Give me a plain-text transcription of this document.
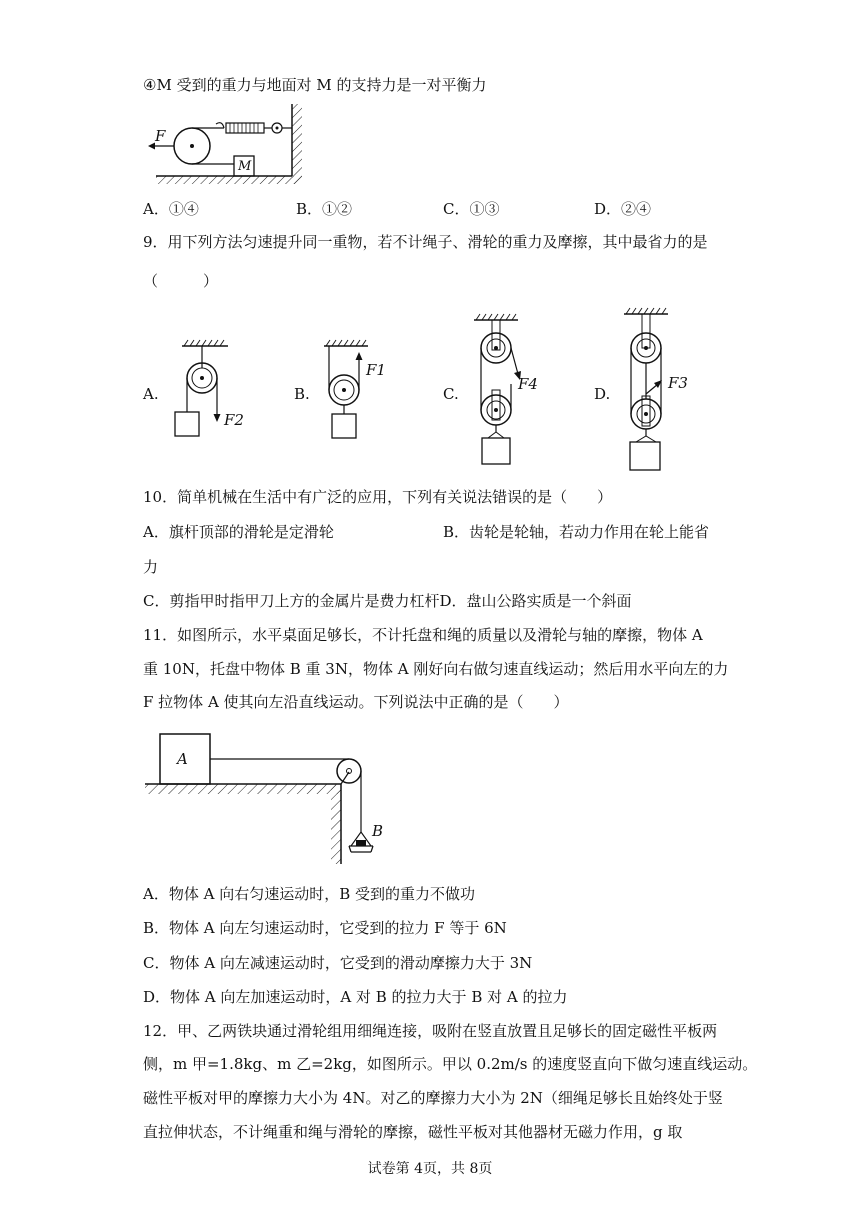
④M 受到的重力与地面对 M 的支持力是一对平衡力
F
M
A．①④	B．①②	C．①③	D．②④
9．用下列方法匀速提升同一重物，若不计绳子、滑轮的重力及摩擦，其中最省力的是
（　　　）
A.	B.	C.	D.
F2
F1
F4	F3
10．简单机械在生活中有广泛的应用，下列有关说法错误的是（　　）
A．旗杆顶部的滑轮是定滑轮	B．齿轮是轮轴，若动力作用在轮上能省
力
C．剪指甲时指甲刀上方的金属片是费力杠杆D．盘山公路实质是一个斜面
11．如图所示，水平桌面足够长，不计托盘和绳的质量以及滑轮与轴的摩擦，物体 A
重 10N，托盘中物体 B 重 3N，物体 A 刚好向右做匀速直线运动；然后用水平向左的力
F 拉物体 A 使其向左沿直线运动。下列说法中正确的是（　　）
A
B
A．物体 A 向右匀速运动时，B 受到的重力不做功
B．物体 A 向左匀速运动时，它受到的拉力 F 等于 6N
C．物体 A 向左减速运动时，它受到的滑动摩擦力大于 3N
D．物体 A 向左加速运动时，A 对 B 的拉力大于 B 对 A 的拉力
12．甲、乙两铁块通过滑轮组用细绳连接，吸附在竖直放置且足够长的固定磁性平板两
侧，m 甲=1.8kg、m 乙=2kg，如图所示。甲以 0.2m/s 的速度竖直向下做匀速直线运动。
磁性平板对甲的摩擦力大小为 4N。对乙的摩擦力大小为 2N（细绳足够长且始终处于竖
直拉伸状态，不计绳重和绳与滑轮的摩擦，磁性平板对其他器材无磁力作用，g 取
试卷第 4页，共 8页
